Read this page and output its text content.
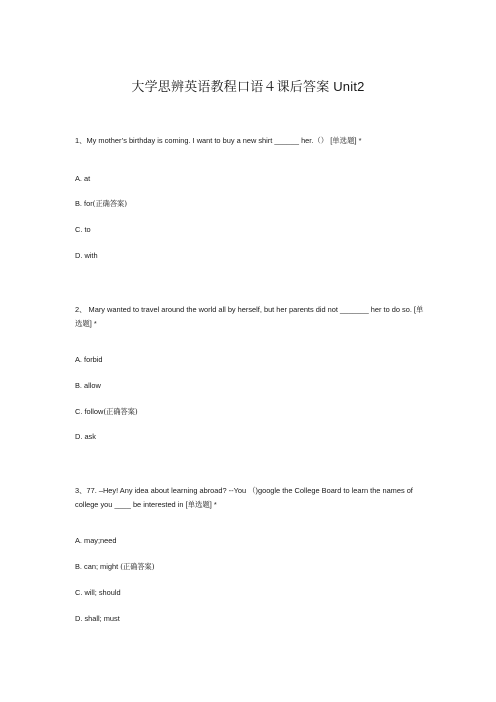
大学思辨英语教程口语４课后答案 Unit2
1、My mother’s birthday is coming. I want to buy a new shirt ______ her.（） [单选题] *
A. at
B. for(正确答案)
C. to
D. with
2、 Mary wanted to travel around the world all by herself, but her parents did not _______ her to do so. [单选题] *
A. forbid
B. allow
C. follow(正确答案)
D. ask
3、77. –Hey! Any idea about learning abroad? --You （)google the College Board to learn the names of college you ____ be interested in [单选题] *
A. may;need
B. can; might (正确答案)
C. will; should
D. shall; must
